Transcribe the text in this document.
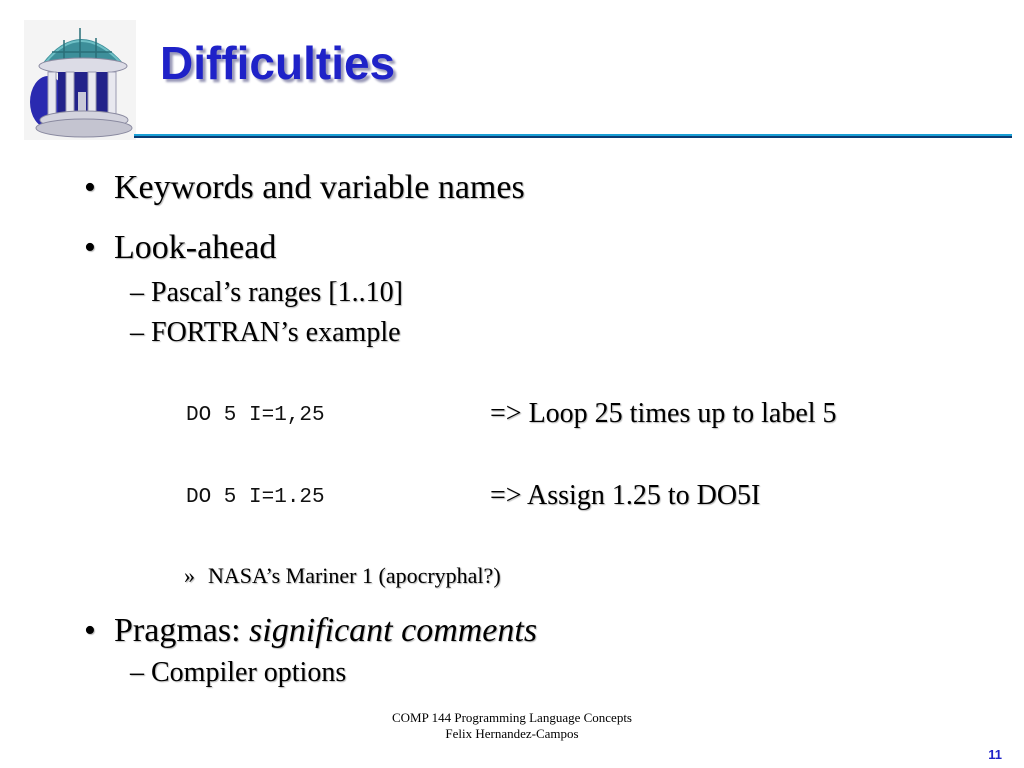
Difficulties
• Keywords and variable names
• Look-ahead
– Pascal’s ranges [1..10]
– FORTRAN’s example
DO 5 I=1,25	=> Loop 25 times up to label 5
DO 5 I=1.25	=> Assign 1.25 to DO5I
» NASA’s Mariner 1 (apocryphal?)
• Pragmas: significant comments
– Compiler options
COMP 144 Programming Language Concepts
Felix Hernandez-Campos
11
